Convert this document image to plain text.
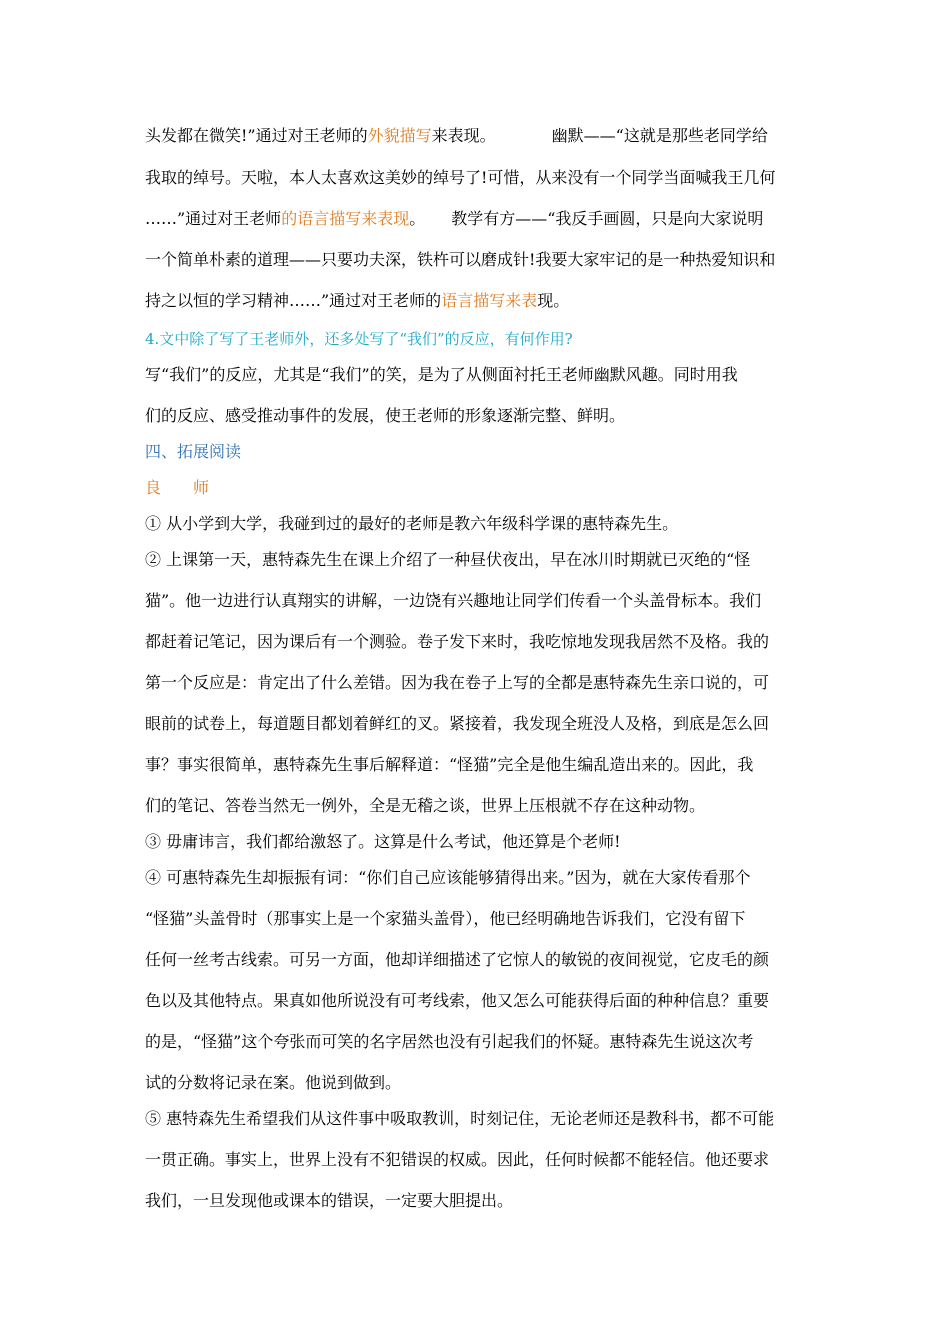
头发都在微笑!”通过对王老师的外貌描写来表现。	幽默——“这就是那些老同学给
我取的绰号。天啦，本人太喜欢这美妙的绰号了!可惜，从来没有一个同学当面喊我王几何
……”通过对王老师的语言描写来表现。 教学有方——“我反手画圆，只是向大家说明
一个简单朴素的道理——只要功夫深，铁杵可以磨成针!我要大家牢记的是一种热爱知识和
持之以恒的学习精神……”通过对王老师的语言描写来表现。
4.文中除了写了王老师外，还多处写了“我们”的反应，有何作用?
写“我们”的反应，尤其是“我们”的笑，是为了从侧面衬托王老师幽默风趣。同时用我
们的反应、感受推动事件的发展，使王老师的形象逐渐完整、鲜明。
四、拓展阅读
良　　师
① 从小学到大学，我碰到过的最好的老师是教六年级科学课的惠特森先生。
② 上课第一天，惠特森先生在课上介绍了一种昼伏夜出，早在冰川时期就已灭绝的“怪
猫”。他一边进行认真翔实的讲解，一边饶有兴趣地让同学们传看一个头盖骨标本。我们
都赶着记笔记，因为课后有一个测验。卷子发下来时，我吃惊地发现我居然不及格。我的
第一个反应是：肯定出了什么差错。因为我在卷子上写的全都是惠特森先生亲口说的，可
眼前的试卷上，每道题目都划着鲜红的叉。紧接着，我发现全班没人及格，到底是怎么回
事？事实很简单，惠特森先生事后解释道：“怪猫”完全是他生编乱造出来的。因此，我
们的笔记、答卷当然无一例外，全是无稽之谈，世界上压根就不存在这种动物。
③ 毋庸讳言，我们都给激怒了。这算是什么考试，他还算是个老师!
④ 可惠特森先生却振振有词：“你们自己应该能够猜得出来。”因为，就在大家传看那个
“怪猫”头盖骨时（那事实上是一个家猫头盖骨），他已经明确地告诉我们，它没有留下
任何一丝考古线索。可另一方面，他却详细描述了它惊人的敏锐的夜间视觉，它皮毛的颜
色以及其他特点。果真如他所说没有可考线索，他又怎么可能获得后面的种种信息？重要
的是，“怪猫”这个夸张而可笑的名字居然也没有引起我们的怀疑。惠特森先生说这次考
试的分数将记录在案。他说到做到。
⑤ 惠特森先生希望我们从这件事中吸取教训，时刻记住，无论老师还是教科书，都不可能
一贯正确。事实上，世界上没有不犯错误的权威。因此，任何时候都不能轻信。他还要求
我们，一旦发现他或课本的错误，一定要大胆提出。
